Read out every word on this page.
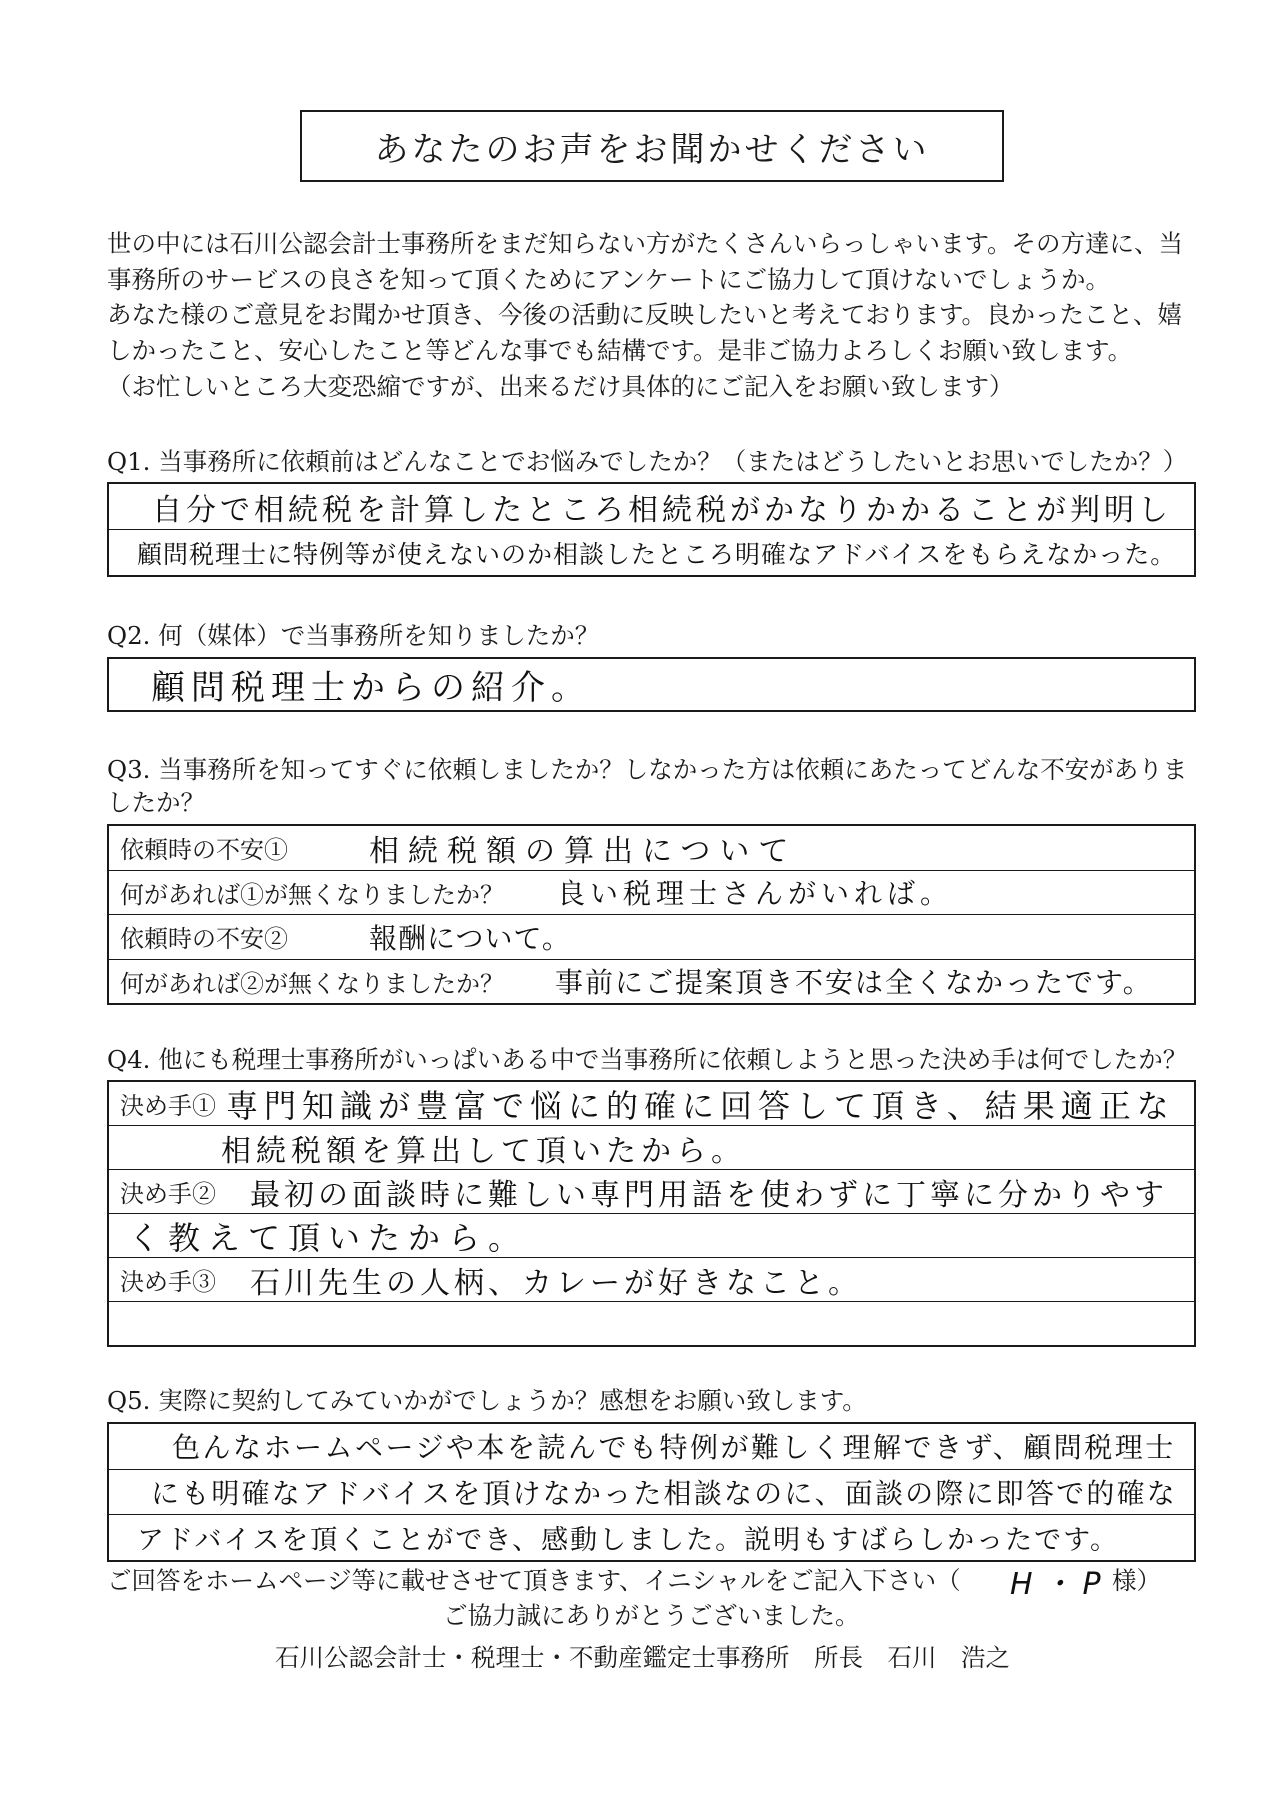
あなたのお声をお聞かせください
世の中には石川公認会計士事務所をまだ知らない方がたくさんいらっしゃいます。その方達に、当
事務所のサービスの良さを知って頂くためにアンケートにご協力して頂けないでしょうか。
あなた様のご意見をお聞かせ頂き、今後の活動に反映したいと考えております。良かったこと、嬉
しかったこと、安心したこと等どんな事でも結構です。是非ご協力よろしくお願い致します。
（お忙しいところ大変恐縮ですが、出来るだけ具体的にご記入をお願い致します）
Q1. 当事務所に依頼前はどんなことでお悩みでしたか？（またはどうしたいとお思いでしたか？）
自分で相続税を計算したところ相続税がかなりかかることが判明し
顧問税理士に特例等が使えないのか相談したところ明確なアドバイスをもらえなかった。
Q2. 何（媒体）で当事務所を知りましたか？
顧問税理士からの紹介。
Q3. 当事務所を知ってすぐに依頼しましたか？しなかった方は依頼にあたってどんな不安がありま
したか？
依頼時の不安①	相続税額の算出について
何があれば①が無くなりましたか？ 良い税理士さんがいれば。
依頼時の不安②	報酬について。
何があれば②が無くなりましたか？ 事前にご提案頂き不安は全くなかったです。
Q4. 他にも税理士事務所がいっぱいある中で当事務所に依頼しようと思った決め手は何でしたか？
決め手① 専門知識が豊富で悩に的確に回答して頂き、結果適正な
相続税額を算出して頂いたから。
決め手② 最初の面談時に難しい専門用語を使わずに丁寧に分かりやす
く教えて頂いたから。
決め手③ 石川先生の人柄、カレーが好きなこと。
Q5. 実際に契約してみていかがでしょうか？感想をお願い致します。
色んなホームページや本を読んでも特例が難しく理解できず、顧問税理士
にも明確なアドバイスを頂けなかった相談なのに、面談の際に即答で的確な
アドバイスを頂くことができ、感動しました。説明もすばらしかったです。
ご回答をホームページ等に載せさせて頂きます、イニシャルをご記入下さい（ H・P 様）
ご協力誠にありがとうございました。
石川公認会計士・税理士・不動産鑑定士事務所　所長　石川　浩之
